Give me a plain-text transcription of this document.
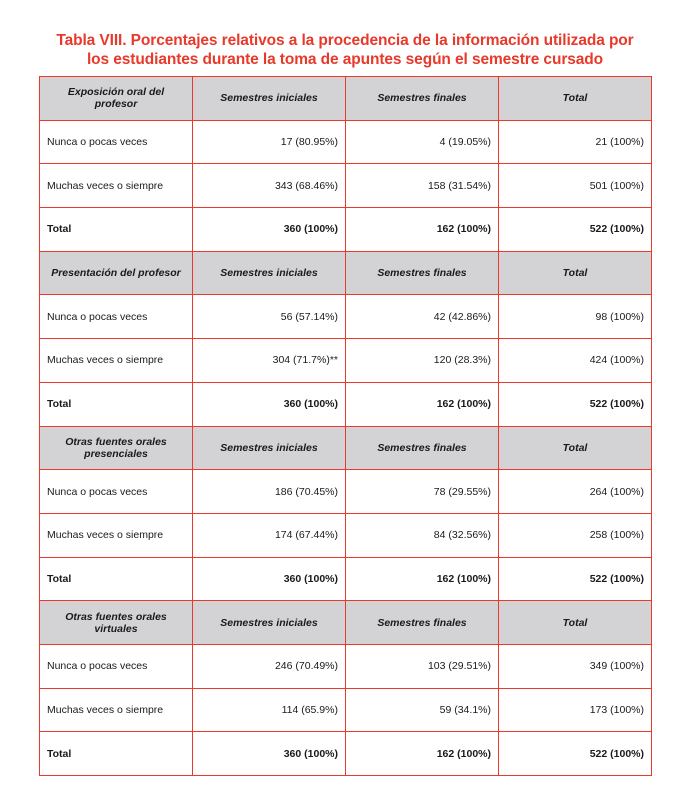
Tabla VIII. Porcentajes relativos a la procedencia de la información utilizada por
los estudiantes durante la toma de apuntes según el semestre cursado
Exposición oral del profesor	Semestres iniciales	Semestres finales	Total
Nunca o pocas veces	17 (80.95%)	4 (19.05%)	21 (100%)
Muchas veces o siempre	343 (68.46%)	158 (31.54%)	501 (100%)
Total	360 (100%)	162 (100%)	522 (100%)
Presentación del profesor	Semestres iniciales	Semestres finales	Total
Nunca o pocas veces	56 (57.14%)	42 (42.86%)	98 (100%)
Muchas veces o siempre	304 (71.7%)**	120 (28.3%)	424 (100%)
Total	360 (100%)	162 (100%)	522 (100%)
Otras fuentes orales presenciales	Semestres iniciales	Semestres finales	Total
Nunca o pocas veces	186 (70.45%)	78 (29.55%)	264 (100%)
Muchas veces o siempre	174 (67.44%)	84 (32.56%)	258 (100%)
Total	360 (100%)	162 (100%)	522 (100%)
Otras fuentes orales virtuales	Semestres iniciales	Semestres finales	Total
Nunca o pocas veces	246 (70.49%)	103 (29.51%)	349 (100%)
Muchas veces o siempre	114 (65.9%)	59 (34.1%)	173 (100%)
Total	360 (100%)	162 (100%)	522 (100%)
